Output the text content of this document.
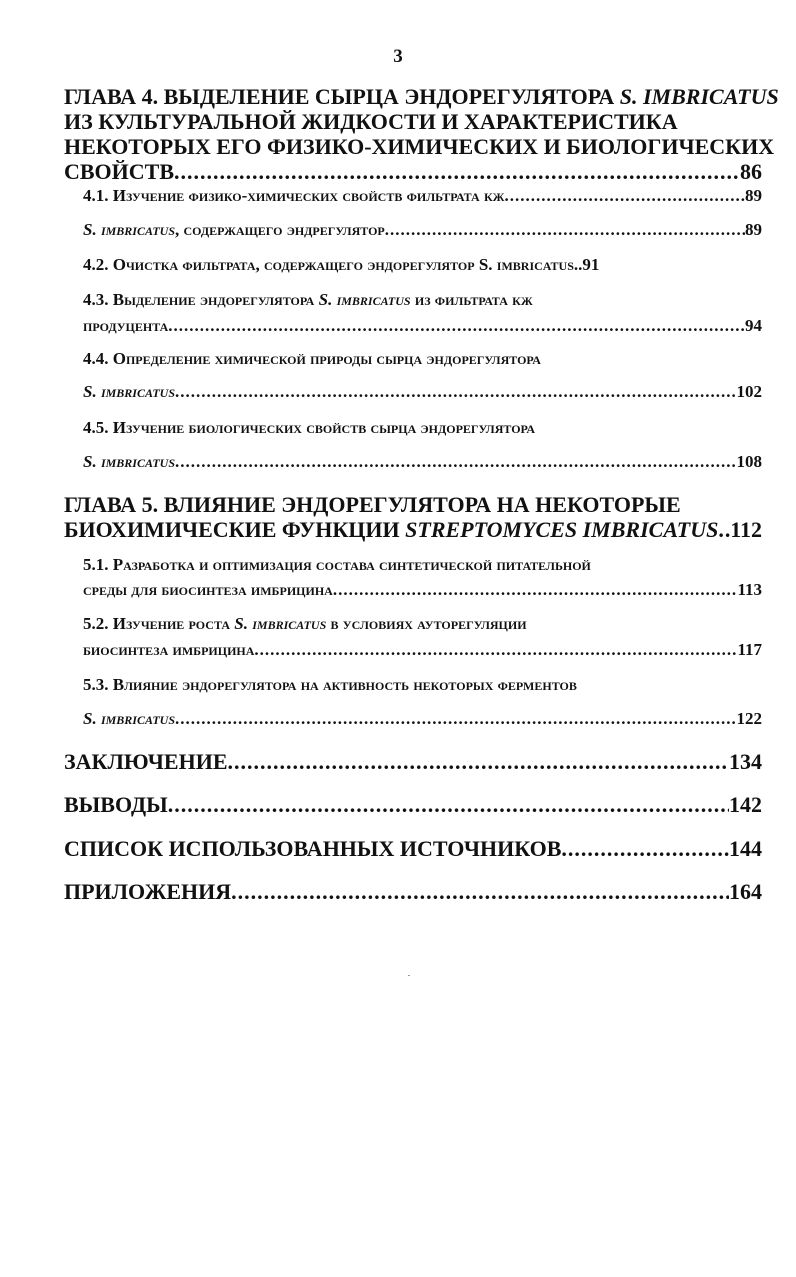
3
ГЛАВА 4. ВЫДЕЛЕНИЕ СЫРЦА ЭНДОРЕГУЛЯТОРА S. IMBRICATUS
ИЗ КУЛЬТУРАЛЬНОЙ ЖИДКОСТИ И ХАРАКТЕРИСТИКА
НЕКОТОРЫХ ЕГО ФИЗИКО-ХИМИЧЕСКИХ И БИОЛОГИЧЕСКИХ
СВОЙСТВ .....	86
4.1. Изучение физико-химических свойств фильтрата кж .....	89
S. imbricatus, содержащего эндрегулятор .....	89
4.2. Очистка фильтрата, содержащего эндорегулятор S. imbricatus ..91
4.3. Выделение эндорегулятора S. imbricatus из фильтрата кж
продуцента .....	94
4.4. Определение химической природы сырца эндорегулятора
S. imbricatus .....	102
4.5. Изучение биологических свойств сырца эндорегулятора
S. imbricatus .....	108
ГЛАВА 5. ВЛИЯНИЕ ЭНДОРЕГУЛЯТОРА НА НЕКОТОРЫЕ
БИОХИМИЧЕСКИЕ ФУНКЦИИ STREPTOMYCES IMBRICATUS ..... 112
5.1. Разработка и оптимизация состава синтетической питательной
среды для биосинтеза имбрицина .....	113
5.2. Изучение роста S. imbricatus в условиях ауторегуляции
биосинтеза имбрицина .....	117
5.3. Влияние эндорегулятора на активность некоторых ферментов
S. imbricatus .....	122
ЗАКЛЮЧЕНИЕ .....	134
ВЫВОДЫ .....	142
СПИСОК ИСПОЛЬЗОВАННЫХ ИСТОЧНИКОВ .....	144
ПРИЛОЖЕНИЯ .....	164
